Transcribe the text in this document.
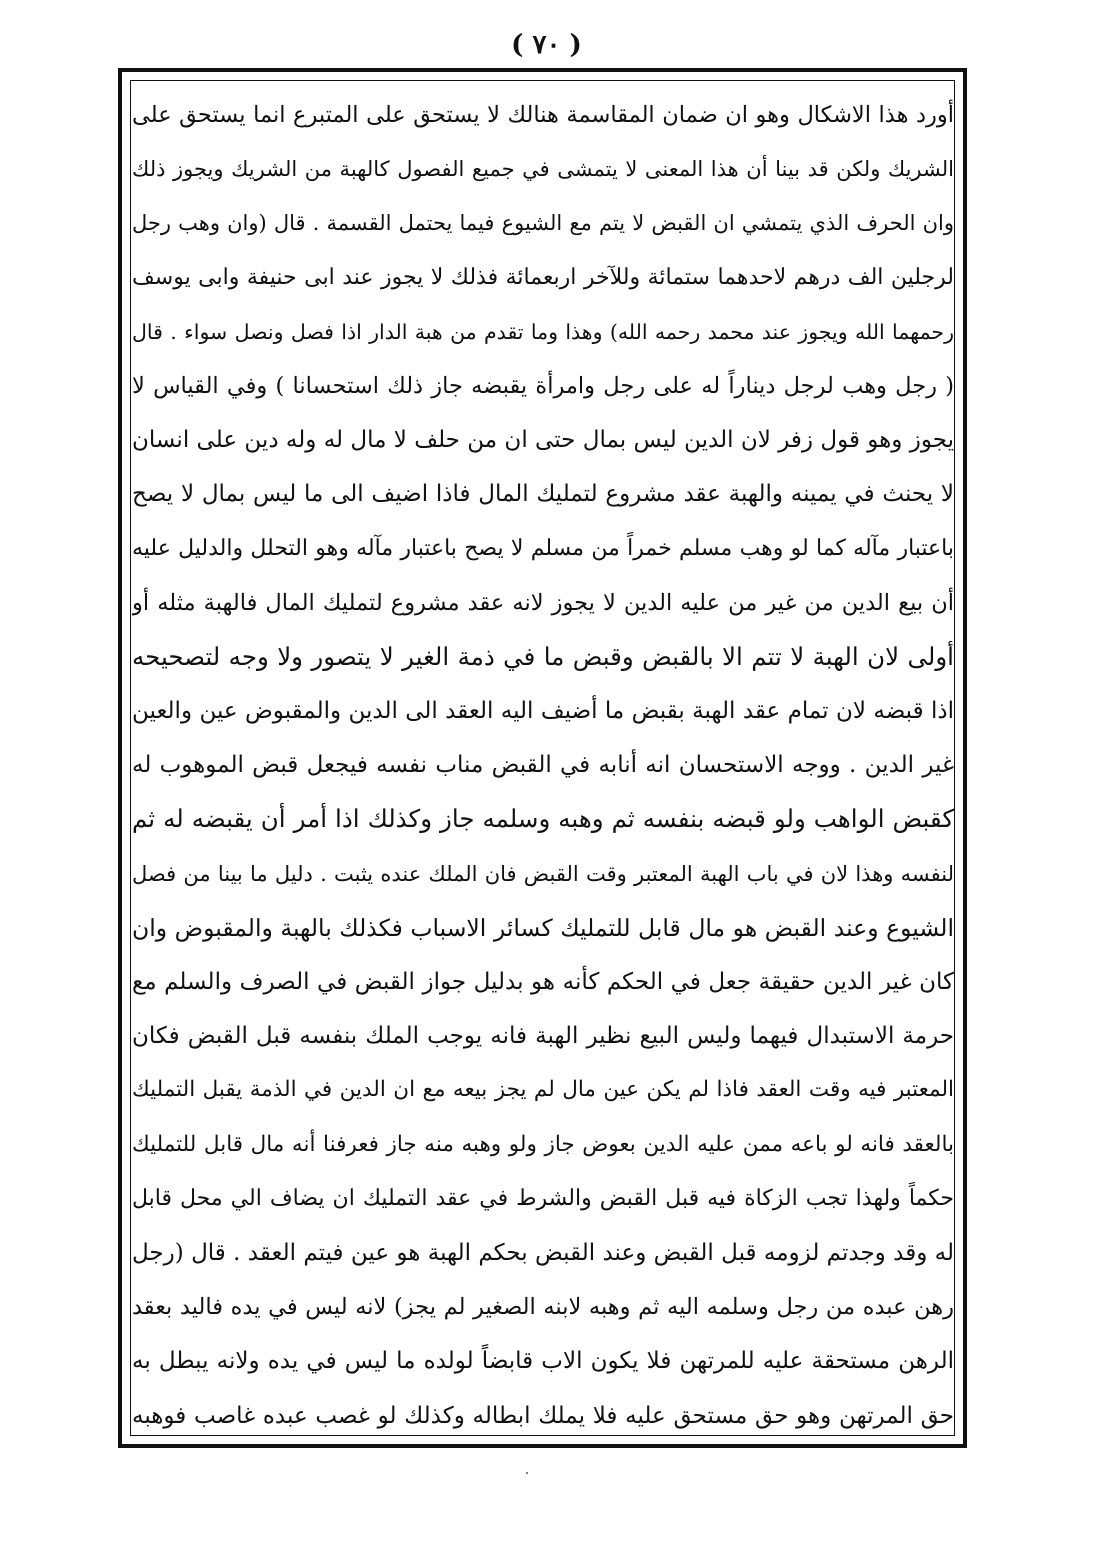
( ٧٠ )
أورد هذا الاشكال وهو ان ضمان المقاسمة هنالك لا يستحق على المتبرع انما يستحق على
الشريك ولكن قد بينا أن هذا المعنى لا يتمشى في جميع الفصول كالهبة من الشريك ويجوز ذلك
وان الحرف الذي يتمشي ان القبض لا يتم مع الشيوع فيما يحتمل القسمة . قال (وان وهب رجل
لرجلين الف درهم لاحدهما ستمائة وللآخر اربعمائة فذلك لا يجوز عند ابى حنيفة وابى يوسف
رحمهما الله ويجوز عند محمد رحمه الله) وهذا وما تقدم من هبة الدار اذا فصل ونصل سواء . قال
( رجل وهب لرجل ديناراً له على رجل وامرأة يقبضه جاز ذلك استحسانا ) وفي القياس لا
يجوز وهو قول زفر لان الدين ليس بمال حتى ان من حلف لا مال له وله دين على انسان
لا يحنث في يمينه والهبة عقد مشروع لتمليك المال فاذا اضيف الى ما ليس بمال لا يصح
باعتبار مآله كما لو وهب مسلم خمراً من مسلم لا يصح باعتبار مآله وهو التحلل والدليل عليه
أن بيع الدين من غير من عليه الدين لا يجوز لانه عقد مشروع لتمليك المال فالهبة مثله أو
أولى لان الهبة لا تتم الا بالقبض وقبض ما في ذمة الغير لا يتصور ولا وجه لتصحيحه
اذا قبضه لان تمام عقد الهبة بقبض ما أضيف اليه العقد الى الدين والمقبوض عين والعين
غير الدين . ووجه الاستحسان انه أنابه في القبض مناب نفسه فيجعل قبض الموهوب له
كقبض الواهب ولو قبضه بنفسه ثم وهبه وسلمه جاز وكذلك اذا أمر أن يقبضه له ثم
لنفسه وهذا لان في باب الهبة المعتبر وقت القبض فان الملك عنده يثبت . دليل ما بينا من فصل
الشيوع وعند القبض هو مال قابل للتمليك كسائر الاسباب فكذلك بالهبة والمقبوض وان
كان غير الدين حقيقة جعل في الحكم كأنه هو بدليل جواز القبض في الصرف والسلم مع
حرمة الاستبدال فيهما وليس البيع نظير الهبة فانه يوجب الملك بنفسه قبل القبض فكان
المعتبر فيه وقت العقد فاذا لم يكن عين مال لم يجز بيعه مع ان الدين في الذمة يقبل التمليك
بالعقد فانه لو باعه ممن عليه الدين بعوض جاز ولو وهبه منه جاز فعرفنا أنه مال قابل للتمليك
حكماً ولهذا تجب الزكاة فيه قبل القبض والشرط في عقد التمليك ان يضاف الي محل قابل
له وقد وجدتم لزومه قبل القبض وعند القبض بحكم الهبة هو عين فيتم العقد . قال (رجل
رهن عبده من رجل وسلمه اليه ثم وهبه لابنه الصغير لم يجز) لانه ليس في يده فاليد بعقد
الرهن مستحقة عليه للمرتهن فلا يكون الاب قابضاً لولده ما ليس في يده ولانه يبطل به
حق المرتهن وهو حق مستحق عليه فلا يملك ابطاله وكذلك لو غصب عبده غاصب فوهبه
